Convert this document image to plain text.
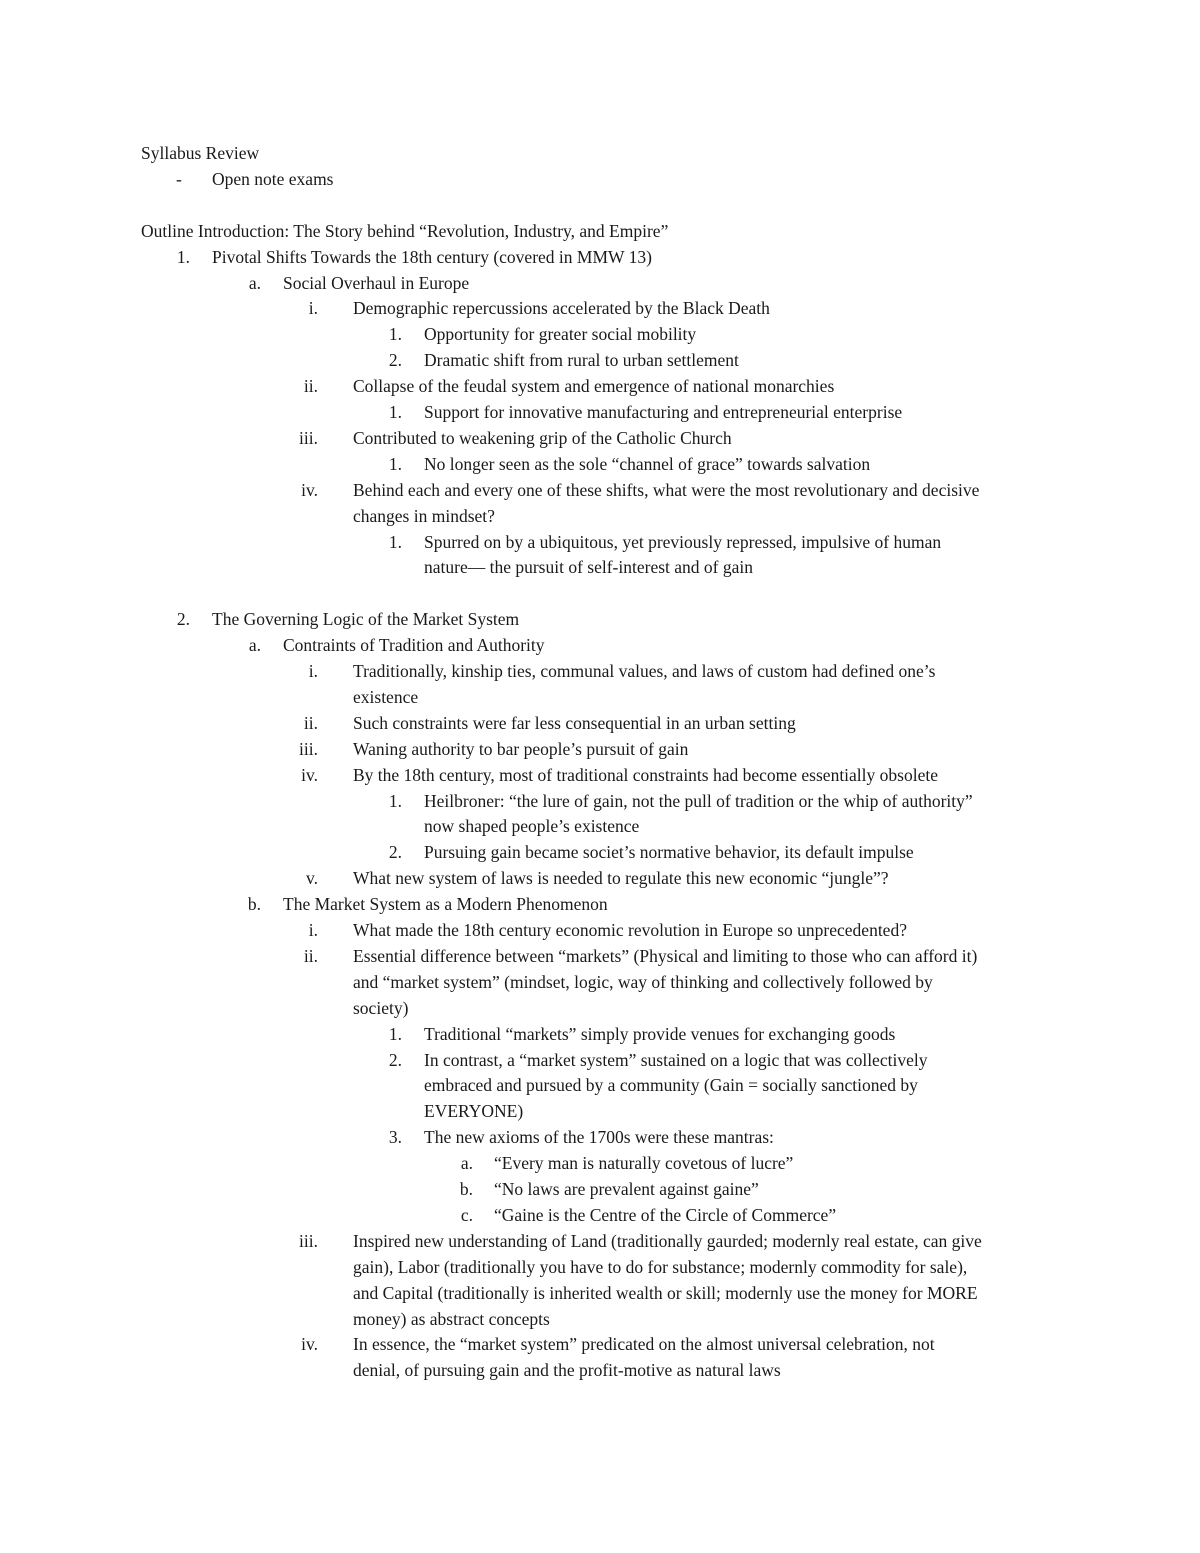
Syllabus Review
- Open note exams
Outline Introduction: The Story behind “Revolution, Industry, and Empire”
1. Pivotal Shifts Towards the 18th century (covered in MMW 13)
a. Social Overhaul in Europe
i. Demographic repercussions accelerated by the Black Death
1. Opportunity for greater social mobility
2. Dramatic shift from rural to urban settlement
ii. Collapse of the feudal system and emergence of national monarchies
1. Support for innovative manufacturing and entrepreneurial enterprise
iii. Contributed to weakening grip of the Catholic Church
1. No longer seen as the sole “channel of grace” towards salvation
iv. Behind each and every one of these shifts, what were the most revolutionary and decisive
changes in mindset?
1. Spurred on by a ubiquitous, yet previously repressed, impulsive of human
nature— the pursuit of self-interest and of gain
2. The Governing Logic of the Market System
a. Contraints of Tradition and Authority
i. Traditionally, kinship ties, communal values, and laws of custom had defined one’s
existence
ii. Such constraints were far less consequential in an urban setting
iii. Waning authority to bar people’s pursuit of gain
iv. By the 18th century, most of traditional constraints had become essentially obsolete
1. Heilbroner: “the lure of gain, not the pull of tradition or the whip of authority”
now shaped people’s existence
2. Pursuing gain became societ’s normative behavior, its default impulse
v. What new system of laws is needed to regulate this new economic “jungle”?
b. The Market System as a Modern Phenomenon
i. What made the 18th century economic revolution in Europe so unprecedented?
ii. Essential difference between “markets” (Physical and limiting to those who can afford it)
and “market system” (mindset, logic, way of thinking and collectively followed by
society)
1. Traditional “markets” simply provide venues for exchanging goods
2. In contrast, a “market system” sustained on a logic that was collectively
embraced and pursued by a community (Gain = socially sanctioned by
EVERYONE)
3. The new axioms of the 1700s were these mantras:
a. “Every man is naturally covetous of lucre”
b. “No laws are prevalent against gaine”
c. “Gaine is the Centre of the Circle of Commerce”
iii. Inspired new understanding of Land (traditionally gaurded; modernly real estate, can give
gain), Labor (traditionally you have to do for substance; modernly commodity for sale),
and Capital (traditionally is inherited wealth or skill; modernly use the money for MORE
money) as abstract concepts
iv. In essence, the “market system” predicated on the almost universal celebration, not
denial, of pursuing gain and the profit-motive as natural laws
